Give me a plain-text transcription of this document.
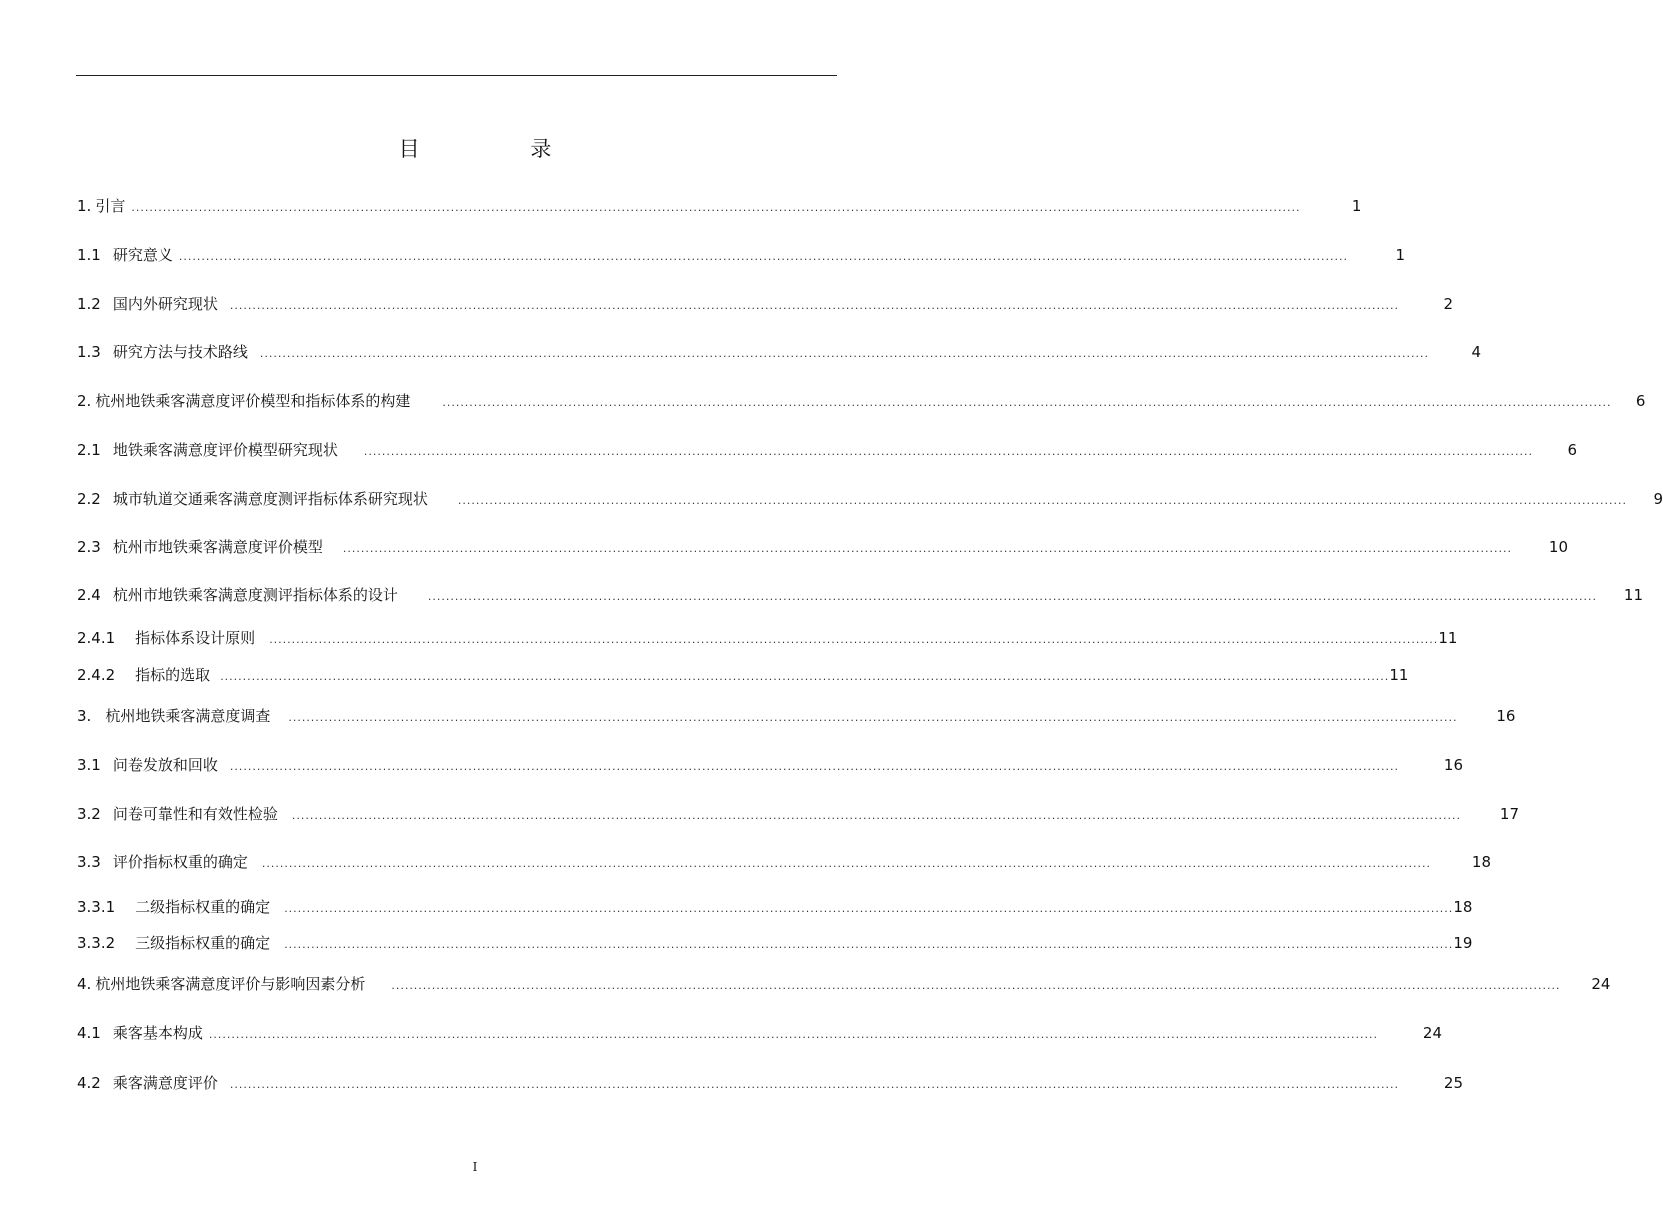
目 录
1. 引言 ....................................................................................................................................................................................................................................................................	1
1.1 研究意义 ....................................................................................................................................................................................................................................................................	1
1.2 国内外研究现状 ....................................................................................................................................................................................................................................................................	2
1.3 研究方法与技术路线 ....................................................................................................................................................................................................................................................................	4
2. 杭州地铁乘客满意度评价模型和指标体系的构建	....................................................................................................................................................................................................................................................................	6
2.1 地铁乘客满意度评价模型研究现状 ....................................................................................................................................................................................................................................................................	6
2.2 城市轨道交通乘客满意度测评指标体系研究现状	....................................................................................................................................................................................................................................................................	9
2.3 杭州市地铁乘客满意度评价模型 ....................................................................................................................................................................................................................................................................	10
2.4 杭州市地铁乘客满意度测评指标体系的设计	....................................................................................................................................................................................................................................................................	11
2.4.1 指标体系设计原则 .................................................................................................................................................................................................................................................................... 11
2.4.2 指标的选取 .................................................................................................................................................................................................................................................................... 11
3. 杭州地铁乘客满意度调查 ....................................................................................................................................................................................................................................................................	16
3.1 问卷发放和回收 ....................................................................................................................................................................................................................................................................	16
3.2 问卷可靠性和有效性检验 ....................................................................................................................................................................................................................................................................	17
3.3 评价指标权重的确定 ....................................................................................................................................................................................................................................................................	18
3.3.1 二级指标权重的确定 .................................................................................................................................................................................................................................................................... 18
3.3.2 三级指标权重的确定 .................................................................................................................................................................................................................................................................... 19
4. 杭州地铁乘客满意度评价与影响因素分析 ....................................................................................................................................................................................................................................................................	24
4.1 乘客基本构成 ....................................................................................................................................................................................................................................................................	24
4.2 乘客满意度评价 ....................................................................................................................................................................................................................................................................	25
I
